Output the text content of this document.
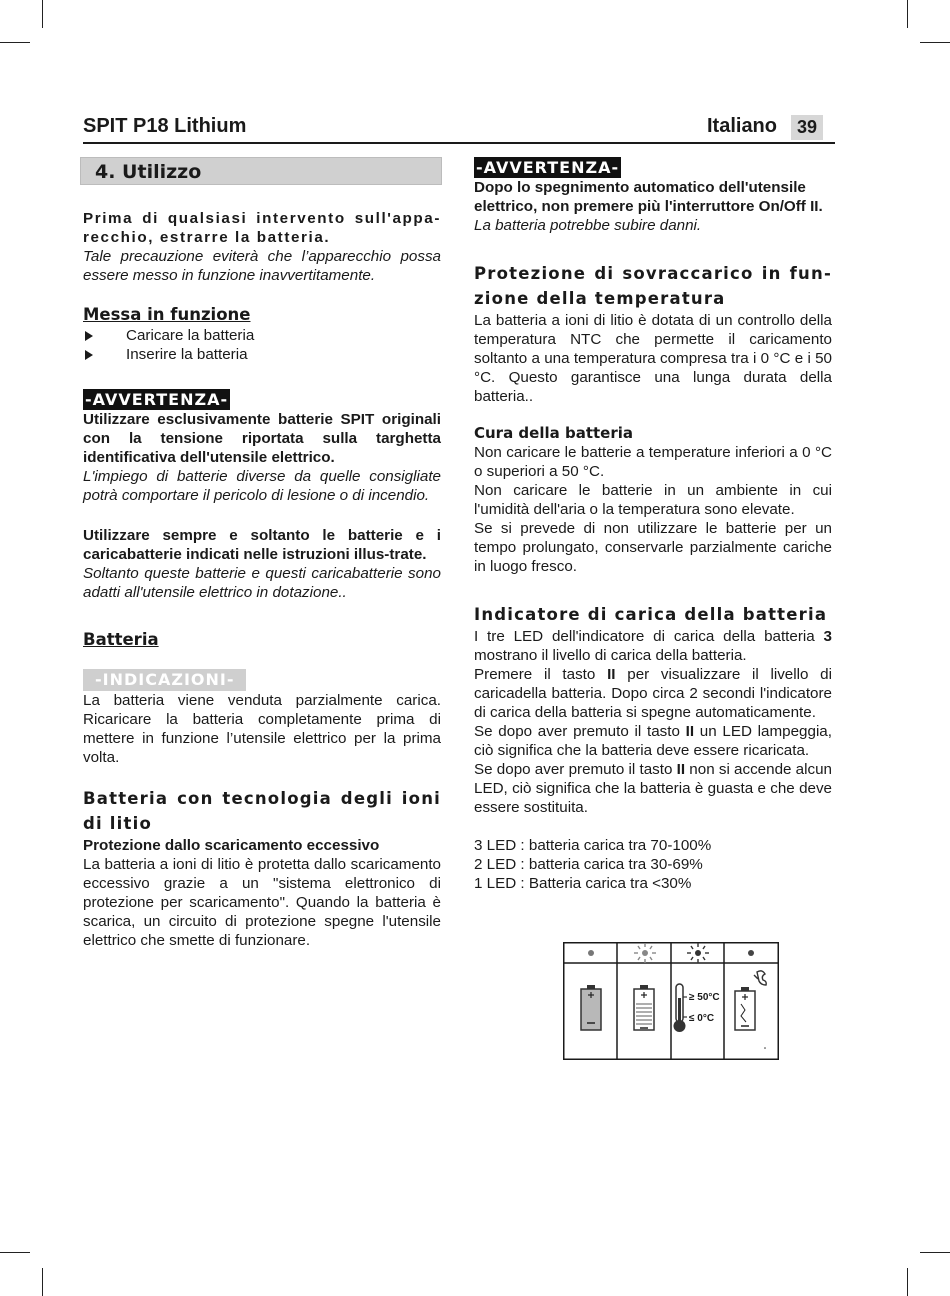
SPIT P18 Lithium	Italiano	39
4. Utilizzo

Prima di qualsiasi intervento sull'appa-recchio, estrarre la batteria.

Tale precauzione eviterà che l’apparecchio possa essere messo in funzione inavvertitamente.

Messa in funzione
Caricare la batteria
Inserire la batteria
-AVVERTENZA-

Utilizzare esclusivamente batterie SPIT originali con la tensione riportata sulla targhetta identificativa dell'utensile elettrico.

L'impiego di batterie diverse da quelle consigliate potrà comportare il pericolo di lesione o di incendio.

Utilizzare sempre e soltanto le batterie e i caricabatterie indicati nelle istruzioni illus-trate.

Soltanto queste batterie e questi caricabatterie sono adatti all'utensile elettrico in dotazione..

Batteria
-INDICAZIONI-

La batteria viene venduta parzialmente carica. Ricaricare la batteria completamente prima di mettere in funzione l’utensile elettrico per la prima volta.

Batteria con tecnologia degli ioni di litio

Protezione dallo scaricamento eccessivo

La batteria a ioni di litio è protetta dallo scaricamento eccessivo grazie a un "sistema elettronico di protezione per scaricamento". Quando la batteria è scarica, un circuito di protezione spegne l'utensile elettrico che smette di funzionare.

-AVVERTENZA-

Dopo lo spegnimento automatico dell'utensile elettrico, non premere più l'interruttore On/Off II.

La batteria potrebbe subire danni.

Protezione di sovraccarico in fun-zione della temperatura

La batteria a ioni di litio è dotata di un controllo della temperatura NTC che permette il caricamento soltanto a una temperatura compresa tra i 0 °C e i 50 °C. Questo garantisce una lunga durata della batteria..

Cura della batteria

Non caricare le batterie a temperature inferiori a 0 °C o superiori a 50 °C.

Non caricare le batterie in un ambiente in cui l'umidità dell'aria o la temperatura sono elevate.

Se si prevede di non utilizzare le batterie per un tempo prolungato, conservarle parzialmente cariche in luogo fresco.

Indicatore di carica della batteria

I tre LED dell'indicatore di carica della batteria 3 mostrano il livello di carica della batteria.

Premere il tasto II per visualizzare il livello di caricadella batteria. Dopo circa 2 secondi l'indicatore di carica della batteria si spegne automaticamente.

Se dopo aver premuto il tasto II un LED lampeggia, ciò significa che la batteria deve essere ricaricata.

Se dopo aver premuto il tasto II non si accende alcun LED, ciò significa che la batteria è guasta e che deve essere sostituita.

3 LED : batteria carica tra 70-100%

2 LED : batteria carica tra 30-69%

1 LED : Batteria carica tra <30%

≥ 50°C
≤ 0°C
